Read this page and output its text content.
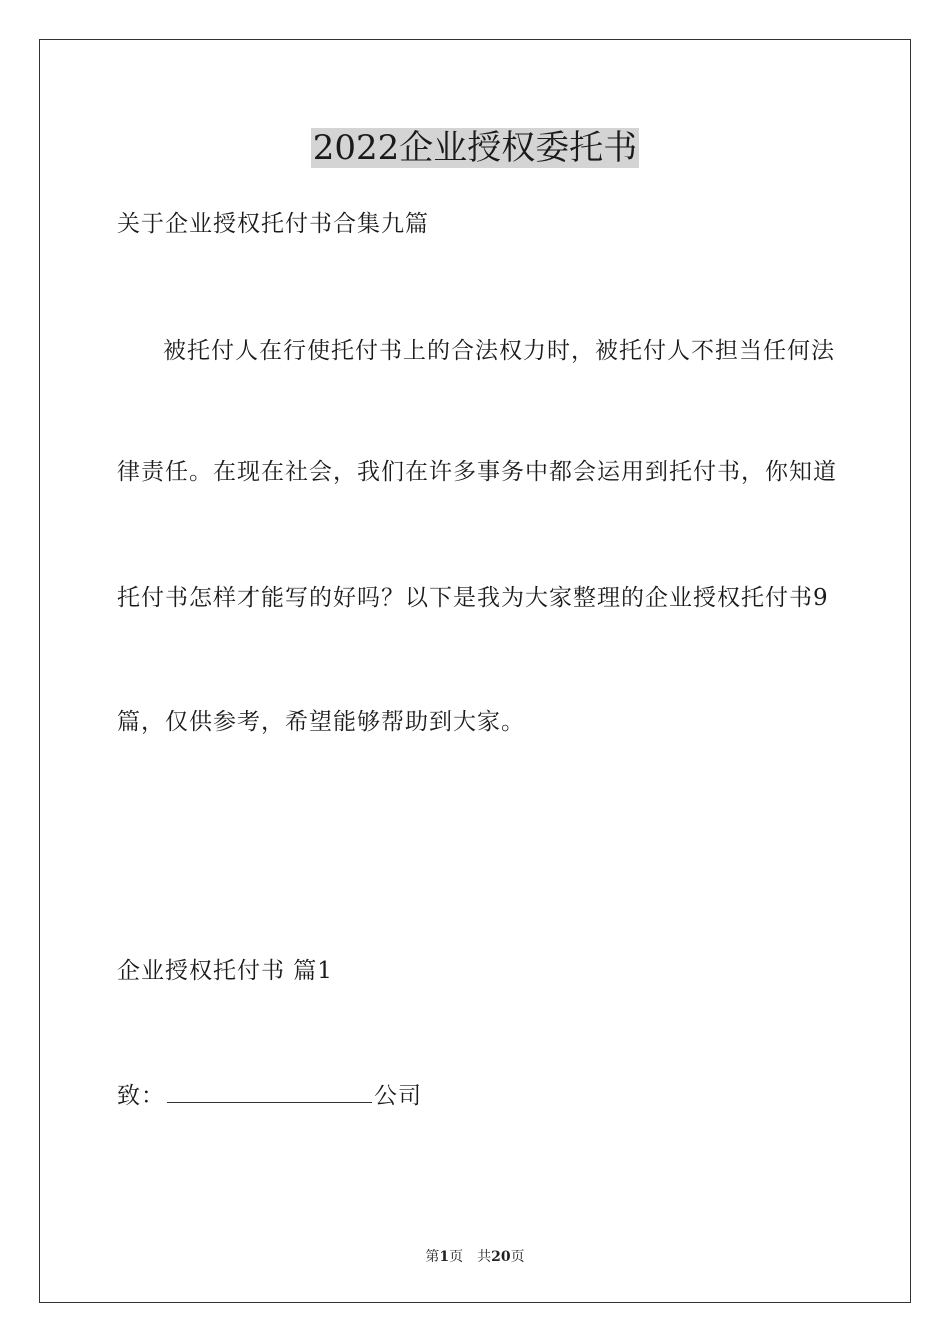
2022企业授权委托书
关于企业授权托付书合集九篇
被托付人在行使托付书上的合法权力时，被托付人不担当任何法
律责任。在现在社会，我们在许多事务中都会运用到托付书，你知道
托付书怎样才能写的好吗？以下是我为大家整理的企业授权托付书9
篇，仅供参考，希望能够帮助到大家。
企业授权托付书 篇1
致：	公司
第1页 共20页
